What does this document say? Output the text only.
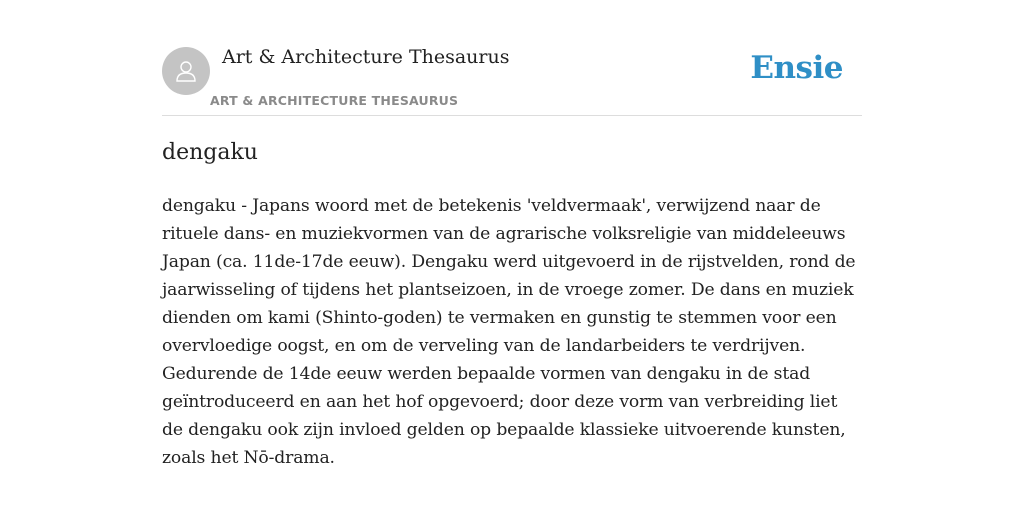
Art & Architecture Thesaurus
ART & ARCHITECTURE THESAURUS
Ensie
dengaku

dengaku - Japans woord met de betekenis 'veldvermaak', verwijzend naar de rituele dans- en muziekvormen van de agrarische volksreligie van middeleeuws Japan (ca. 11de-17de eeuw). Dengaku werd uitgevoerd in de rijstvelden, rond de jaarwisseling of tijdens het plantseizoen, in de vroege zomer. De dans en muziek dienden om kami (Shinto-goden) te vermaken en gunstig te stemmen voor een overvloedige oogst, en om de verveling van de landarbeiders te verdrijven. Gedurende de 14de eeuw werden bepaalde vormen van dengaku in de stad geïntroduceerd en aan het hof opgevoerd; door deze vorm van verbreiding liet de dengaku ook zijn invloed gelden op bepaalde klassieke uitvoerende kunsten, zoals het Nō-drama.
